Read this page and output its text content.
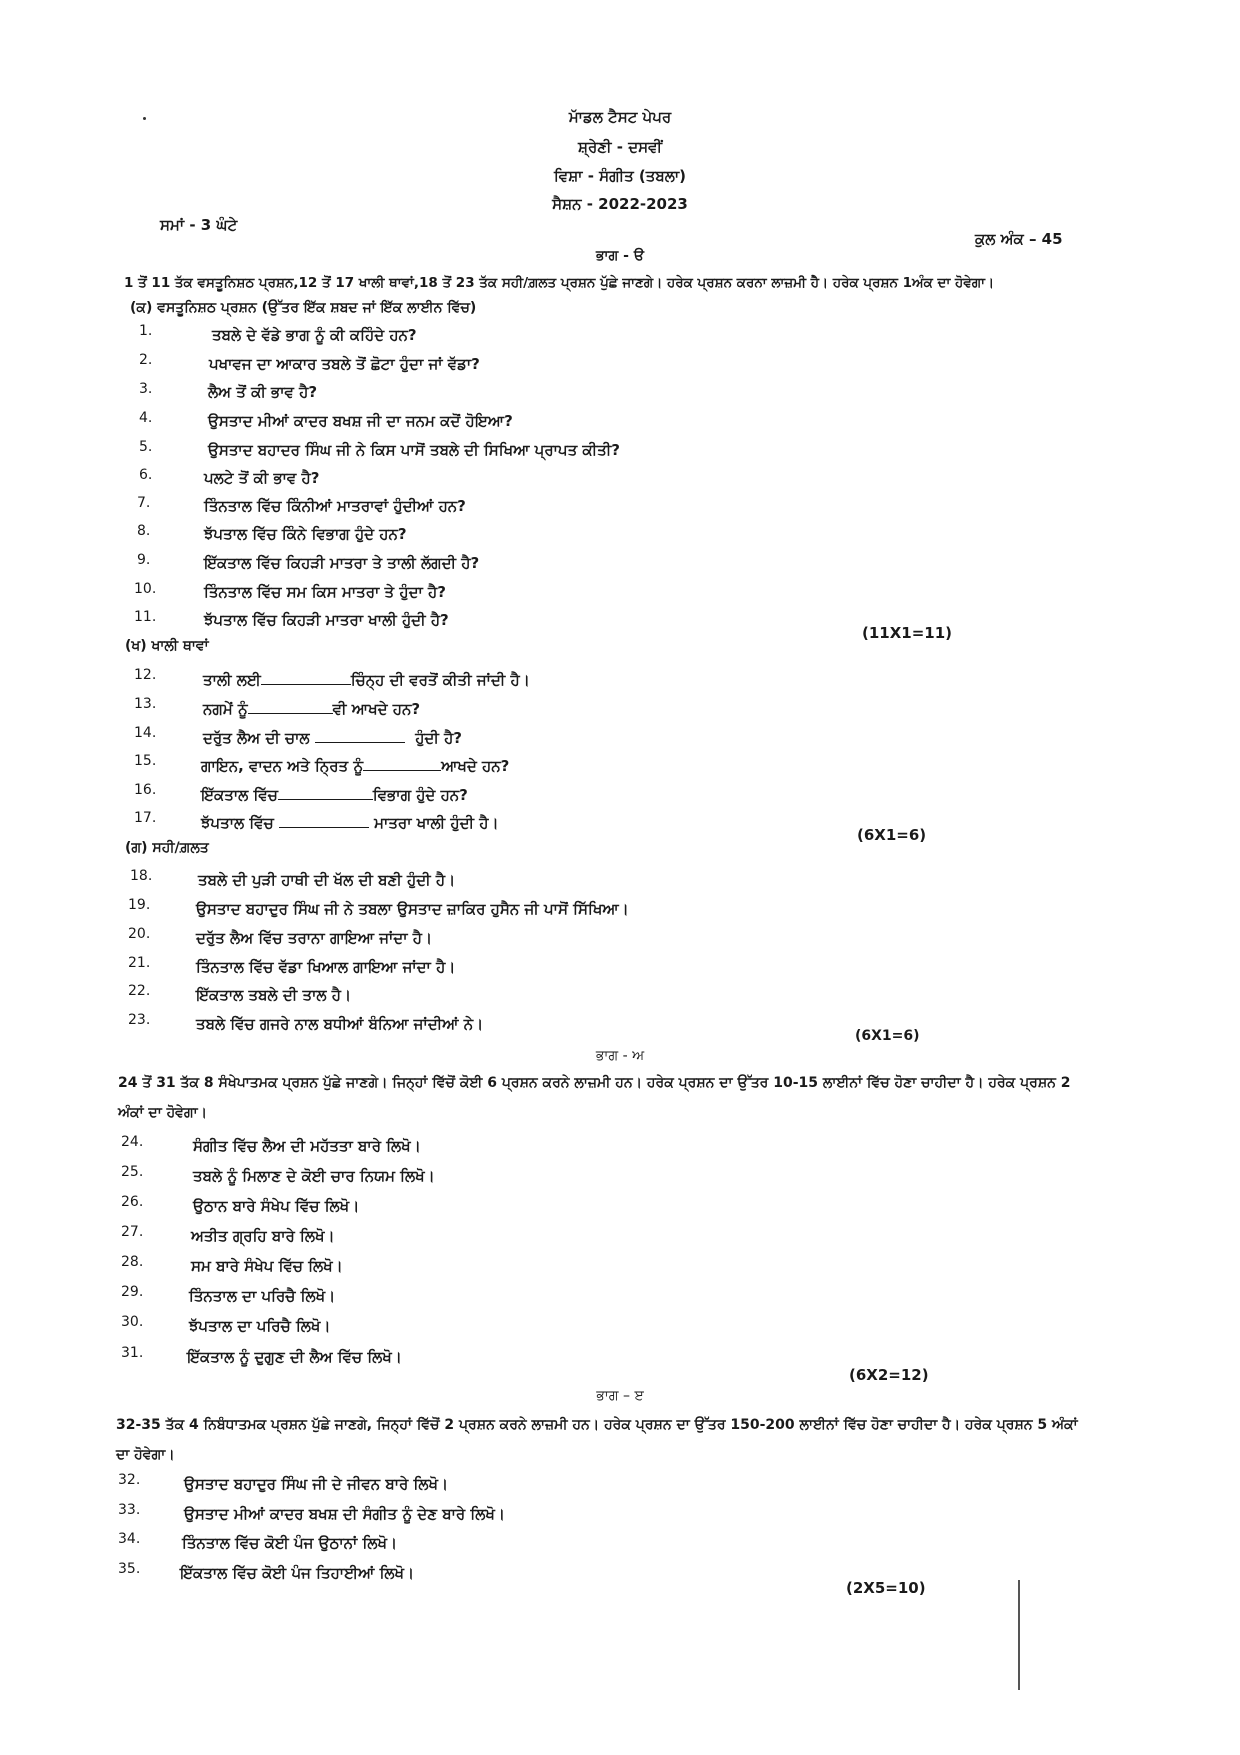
ਮਾੱਡਲ ਟੈਸਟ ਪੇਪਰ
ਸ਼੍ਰੇਣੀ - ਦਸਵੀਂ
ਵਿਸ਼ਾ - ਸੰਗੀਤ (ਤਬਲਾ)
ਸੈਸ਼ਨ - 2022-2023
ਸਮਾਂ - 3 ਘੰਟੇ
ਕੁਲ ਅੰਕ – 45
ਭਾਗ - ੳ
1 ਤੋਂ 11 ਤੱਕ ਵਸਤੂਨਿਸ਼ਠ ਪ੍ਰਸ਼ਨ,12 ਤੋਂ 17 ਖਾਲੀ ਥਾਵਾਂ,18 ਤੋਂ 23 ਤੱਕ ਸਹੀ/ਗ਼ਲਤ ਪ੍ਰਸ਼ਨ ਪੁੱਛੇ ਜਾਣਗੇ। ਹਰੇਕ ਪ੍ਰਸ਼ਨ ਕਰਨਾ ਲਾਜ਼ਮੀ ਹੈ। ਹਰੇਕ ਪ੍ਰਸ਼ਨ 1ਅੰਕ ਦਾ ਹੋਵੇਗਾ।
(ਕ) ਵਸਤੂਨਿਸ਼ਠ ਪ੍ਰਸ਼ਨ (ਉੱਤਰ ਇੱਕ ਸ਼ਬਦ ਜਾਂ ਇੱਕ ਲਾਈਨ ਵਿੱਚ)
1.	ਤਬਲੇ ਦੇ ਵੱਡੇ ਭਾਗ ਨੂੰ ਕੀ ਕਹਿੰਦੇ ਹਨ?
2.	ਪਖਾਵਜ ਦਾ ਆਕਾਰ ਤਬਲੇ ਤੋਂ ਛੋਟਾ ਹੁੰਦਾ ਜਾਂ ਵੱਡਾ?
3.	ਲੈਅ ਤੋਂ ਕੀ ਭਾਵ ਹੈ?
4.	ਉਸਤਾਦ ਮੀਆਂ ਕਾਦਰ ਬਖਸ਼ ਜੀ ਦਾ ਜਨਮ ਕਦੋਂ ਹੋਇਆ?
5.	ਉਸਤਾਦ ਬਹਾਦਰ ਸਿੰਘ ਜੀ ਨੇ ਕਿਸ ਪਾਸੋਂ ਤਬਲੇ ਦੀ ਸਿਖਿਆ ਪ੍ਰਾਪਤ ਕੀਤੀ?
6.	ਪਲਟੇ ਤੋਂ ਕੀ ਭਾਵ ਹੈ?
7.	ਤਿੰਨਤਾਲ ਵਿੱਚ ਕਿੰਨੀਆਂ ਮਾਤਰਾਵਾਂ ਹੁੰਦੀਆਂ ਹਨ?
8.	ਝੱਪਤਾਲ ਵਿੱਚ ਕਿੰਨੇ ਵਿਭਾਗ ਹੁੰਦੇ ਹਨ?
9.	ਇੱਕਤਾਲ ਵਿੱਚ ਕਿਹੜੀ ਮਾਤਰਾ ਤੇ ਤਾਲੀ ਲੱਗਦੀ ਹੈ?
10.	ਤਿੰਨਤਾਲ ਵਿੱਚ ਸਮ ਕਿਸ ਮਾਤਰਾ ਤੇ ਹੁੰਦਾ ਹੈ?
11.	ਝੱਪਤਾਲ ਵਿੱਚ ਕਿਹੜੀ ਮਾਤਰਾ ਖਾਲੀ ਹੁੰਦੀ ਹੈ?
(11X1=11)
(ਖ) ਖਾਲੀ ਥਾਵਾਂ
12.	ਤਾਲੀ ਲਈ	ਚਿੰਨ੍ਹ ਦੀ ਵਰਤੋਂ ਕੀਤੀ ਜਾਂਦੀ ਹੈ।
13.	ਨਗਮੇਂ ਨੂੰ	ਵੀ ਆਖਦੇ ਹਨ?
14.	ਦਰੁੱਤ ਲੈਅ ਦੀ ਚਾਲ	ਹੁੰਦੀ ਹੈ?
15.	ਗਾਇਨ, ਵਾਦਨ ਅਤੇ ਨ੍ਰਿਤ ਨੂੰ	ਆਖਦੇ ਹਨ?
16.	ਇੱਕਤਾਲ ਵਿੱਚ	ਵਿਭਾਗ ਹੁੰਦੇ ਹਨ?
17.	ਝੱਪਤਾਲ ਵਿੱਚ	ਮਾਤਰਾ ਖਾਲੀ ਹੁੰਦੀ ਹੈ।
(6X1=6)
(ਗ) ਸਹੀ/ਗ਼ਲਤ
18.	ਤਬਲੇ ਦੀ ਪੁੜੀ ਹਾਥੀ ਦੀ ਖੱਲ ਦੀ ਬਣੀ ਹੁੰਦੀ ਹੈ।
19.	ਉਸਤਾਦ ਬਹਾਦੁਰ ਸਿੰਘ ਜੀ ਨੇ ਤਬਲਾ ਉਸਤਾਦ ਜ਼ਾਕਿਰ ਹੁਸੈਨ ਜੀ ਪਾਸੋਂ ਸਿੱਖਿਆ।
20.	ਦਰੁੱਤ ਲੈਅ ਵਿੱਚ ਤਰਾਨਾ ਗਾਇਆ ਜਾਂਦਾ ਹੈ।
21.	ਤਿੰਨਤਾਲ ਵਿੱਚ ਵੱਡਾ ਖਿਆਲ ਗਾਇਆ ਜਾਂਦਾ ਹੈ।
22.	ਇੱਕਤਾਲ ਤਬਲੇ ਦੀ ਤਾਲ ਹੈ।
23.	ਤਬਲੇ ਵਿੱਚ ਗਜਰੇ ਨਾਲ ਬਧੀਆਂ ਬੰਨਿਆ ਜਾਂਦੀਆਂ ਨੇ।
(6X1=6)
ਭਾਗ - ਅ
24 ਤੋਂ 31 ਤੱਕ 8 ਸੰਖੇਪਾਤਮਕ ਪ੍ਰਸ਼ਨ ਪੁੱਛੇ ਜਾਣਗੇ। ਜਿਨ੍ਹਾਂ ਵਿੱਚੋਂ ਕੋਈ 6 ਪ੍ਰਸ਼ਨ ਕਰਨੇ ਲਾਜ਼ਮੀ ਹਨ। ਹਰੇਕ ਪ੍ਰਸ਼ਨ ਦਾ ਉੱਤਰ 10-15 ਲਾਈਨਾਂ ਵਿੱਚ ਹੋਣਾ ਚਾਹੀਦਾ ਹੈ। ਹਰੇਕ ਪ੍ਰਸ਼ਨ 2 ਅੰਕਾਂ ਦਾ ਹੋਵੇਗਾ।
24.	ਸੰਗੀਤ ਵਿੱਚ ਲੈਅ ਦੀ ਮਹੱਤਤਾ ਬਾਰੇ ਲਿਖੋ।
25.	ਤਬਲੇ ਨੂੰ ਮਿਲਾਣ ਦੇ ਕੋਈ ਚਾਰ ਨਿਯਮ ਲਿਖੋ।
26.	ਉਠਾਨ ਬਾਰੇ ਸੰਖੇਪ ਵਿੱਚ ਲਿਖੋ।
27.	ਅਤੀਤ ਗ੍ਰਹਿ ਬਾਰੇ ਲਿਖੋ।
28.	ਸਮ ਬਾਰੇ ਸੰਖੇਪ ਵਿੱਚ ਲਿਖੋ।
29.	ਤਿੰਨਤਾਲ ਦਾ ਪਰਿਚੈ ਲਿਖੋ।
30.	ਝੱਪਤਾਲ ਦਾ ਪਰਿਚੈ ਲਿਖੋ।
31.	ਇੱਕਤਾਲ ਨੂੰ ਦੁਗੁਣ ਦੀ ਲੈਅ ਵਿੱਚ ਲਿਖੋ।
(6X2=12)
ਭਾਗ – ੲ
32-35 ਤੱਕ 4 ਨਿਬੰਧਾਤਮਕ ਪ੍ਰਸ਼ਨ ਪੁੱਛੇ ਜਾਣਗੇ, ਜਿਨ੍ਹਾਂ ਵਿੱਚੋਂ 2 ਪ੍ਰਸ਼ਨ ਕਰਨੇ ਲਾਜ਼ਮੀ ਹਨ। ਹਰੇਕ ਪ੍ਰਸ਼ਨ ਦਾ ਉੱਤਰ 150-200 ਲਾਈਨਾਂ ਵਿੱਚ ਹੋਣਾ ਚਾਹੀਦਾ ਹੈ। ਹਰੇਕ ਪ੍ਰਸ਼ਨ 5 ਅੰਕਾਂ ਦਾ ਹੋਵੇਗਾ।
32.	ਉਸਤਾਦ ਬਹਾਦੁਰ ਸਿੰਘ ਜੀ ਦੇ ਜੀਵਨ ਬਾਰੇ ਲਿਖੋ।
33.	ਉਸਤਾਦ ਮੀਆਂ ਕਾਦਰ ਬਖਸ਼ ਦੀ ਸੰਗੀਤ ਨੂੰ ਦੇਣ ਬਾਰੇ ਲਿਖੋ।
34.	ਤਿੰਨਤਾਲ ਵਿੱਚ ਕੋਈ ਪੰਜ ਉਠਾਨਾਂ ਲਿਖੋ।
35.	ਇੱਕਤਾਲ ਵਿੱਚ ਕੋਈ ਪੰਜ ਤਿਹਾਈਆਂ ਲਿਖੋ।
(2X5=10)
